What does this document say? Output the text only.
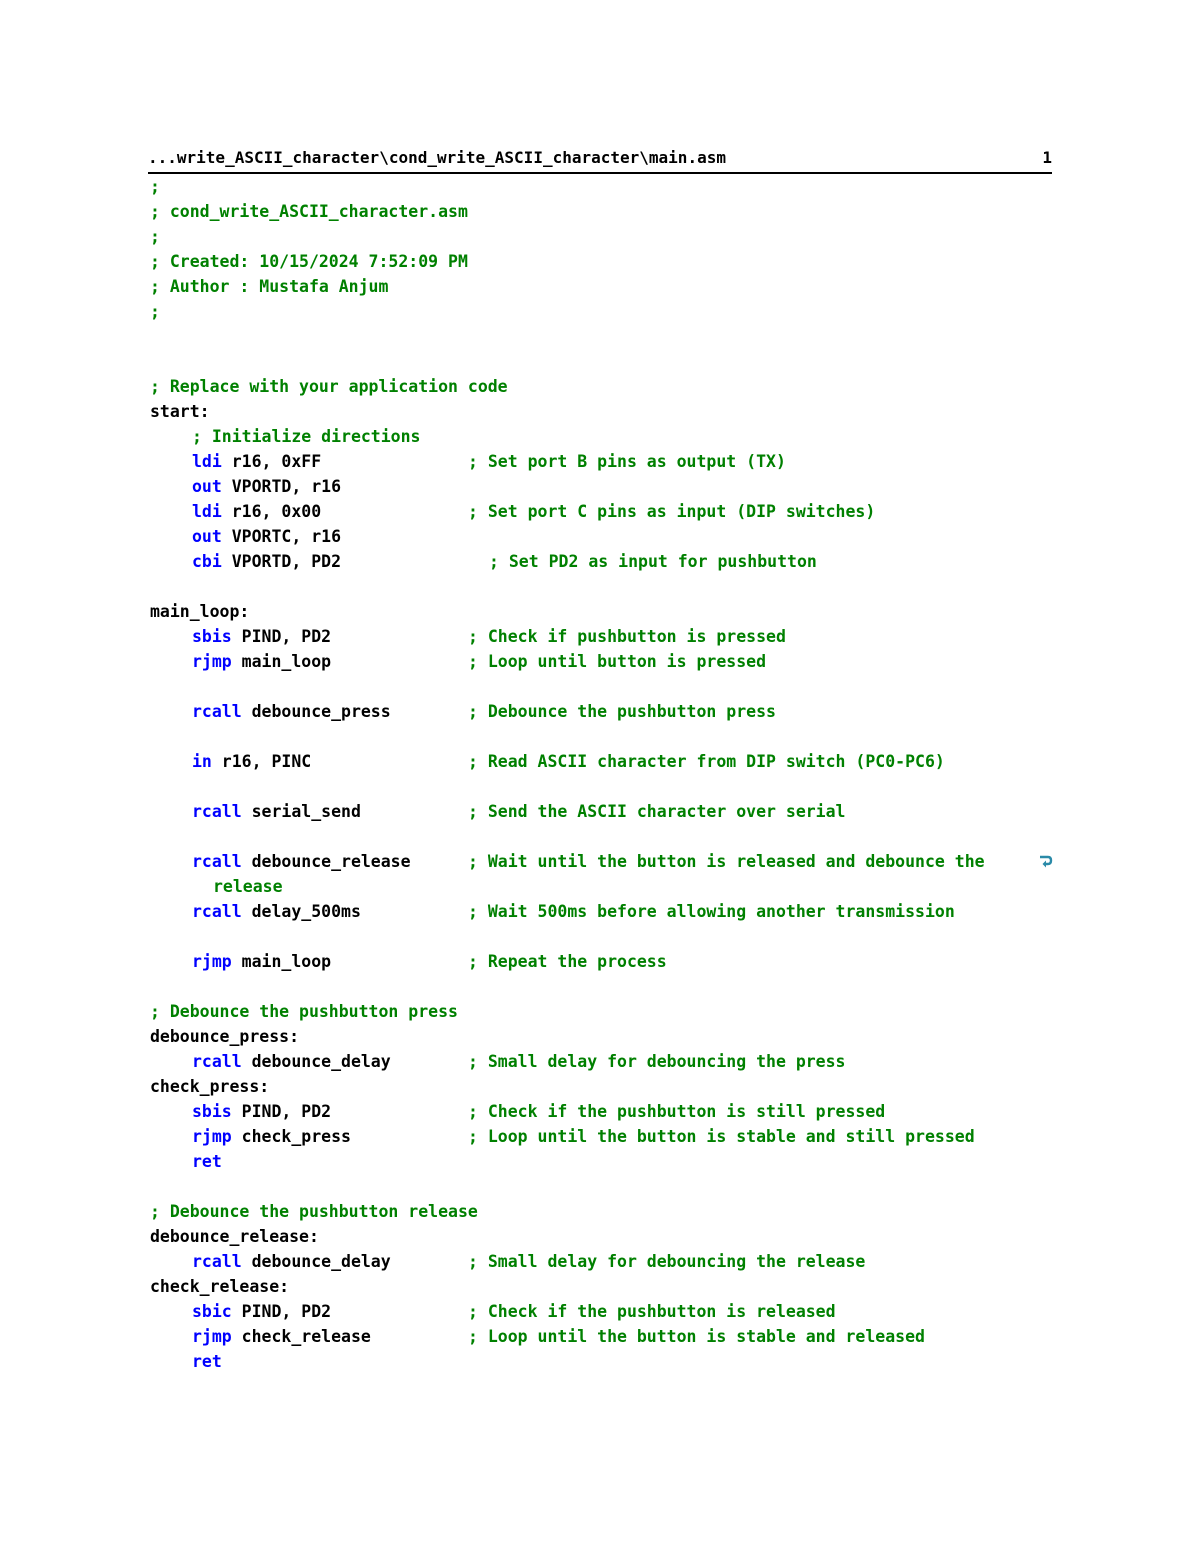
...write_ASCII_character\cond_write_ASCII_character\main.asm	1
;
; cond_write_ASCII_character.asm
;
; Created: 10/15/2024 7:52:09 PM
; Author : Mustafa Anjum
;
; Replace with your application code
start:
; Initialize directions
ldi r16, 0xFF	; Set port B pins as output (TX)
out VPORTD, r16
ldi r16, 0x00	; Set port C pins as input (DIP switches)
out VPORTC, r16
cbi VPORTD, PD2	; Set PD2 as input for pushbutton
main_loop:
sbis PIND, PD2	; Check if pushbutton is pressed
rjmp main_loop	; Loop until button is pressed
rcall debounce_press	; Debounce the pushbutton press
in r16, PINC	; Read ASCII character from DIP switch (PC0-PC6)
rcall serial_send	; Send the ASCII character over serial
rcall debounce_release	; Wait until the button is released and debounce the

release
rcall delay_500ms	; Wait 500ms before allowing another transmission
rjmp main_loop	; Repeat the process
; Debounce the pushbutton press
debounce_press:
rcall debounce_delay	; Small delay for debouncing the press
check_press:
sbis PIND, PD2	; Check if the pushbutton is still pressed
rjmp check_press	; Loop until the button is stable and still pressed
ret
; Debounce the pushbutton release
debounce_release:
rcall debounce_delay	; Small delay for debouncing the release
check_release:
sbic PIND, PD2	; Check if the pushbutton is released
rjmp check_release	; Loop until the button is stable and released
ret
